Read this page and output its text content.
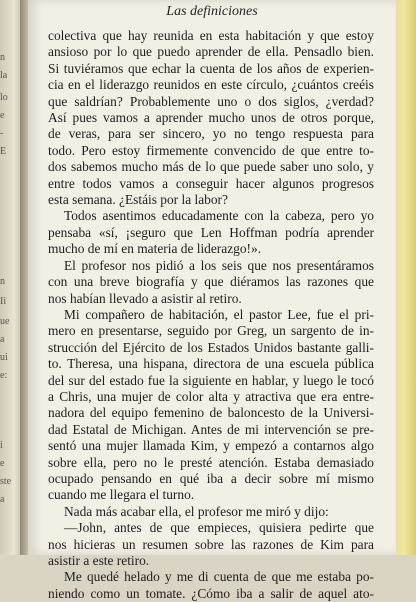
n
la
lo
e
-
E
n
Ii
ue
a
ui
e:
i
e
ste
a
Las definiciones
colectiva que hay reunida en esta habitación y que estoy
ansioso por lo que puedo aprender de ella. Pensadlo bien.
Si tuviéramos que echar la cuenta de los años de experien-
cia en el liderazgo reunidos en este círculo, ¿cuántos creéis
que saldrían? Probablemente uno o dos siglos, ¿verdad?
Así pues vamos a aprender mucho unos de otros porque,
de veras, para ser sincero, yo no tengo respuesta para
todo. Pero estoy firmemente convencido de que entre to-
dos sabemos mucho más de lo que puede saber uno solo, y
entre todos vamos a conseguir hacer algunos progresos
esta semana. ¿Estáis por la labor?
Todos asentimos educadamente con la cabeza, pero yo
pensaba «sí, ¡seguro que Len Hoffman podría aprender
mucho de mí en materia de liderazgo!».
El profesor nos pidió a los seis que nos presentáramos
con una breve biografía y que diéramos las razones que
nos habían llevado a asistir al retiro.
Mi compañero de habitación, el pastor Lee, fue el pri-
mero en presentarse, seguido por Greg, un sargento de in-
strucción del Ejército de los Estados Unidos bastante galli-
to. Theresa, una hispana, directora de una escuela pública
del sur del estado fue la siguiente en hablar, y luego le tocó
a Chris, una mujer de color alta y atractiva que era entre-
nadora del equipo femenino de baloncesto de la Universi-
dad Estatal de Michigan. Antes de mi intervención se pre-
sentó una mujer llamada Kim, y empezó a contarnos algo
sobre ella, pero no le presté atención. Estaba demasiado
ocupado pensando en qué iba a decir sobre mí mismo
cuando me llegara el turno.
Nada más acabar ella, el profesor me miró y dijo:
—John, antes de que empieces, quisiera pedirte que
nos hicieras un resumen sobre las razones de Kim para
asistir a este retiro.
Me quedé helado y me di cuenta de que me estaba po-
niendo como un tomate. ¿Cómo iba a salir de aquel ato-
